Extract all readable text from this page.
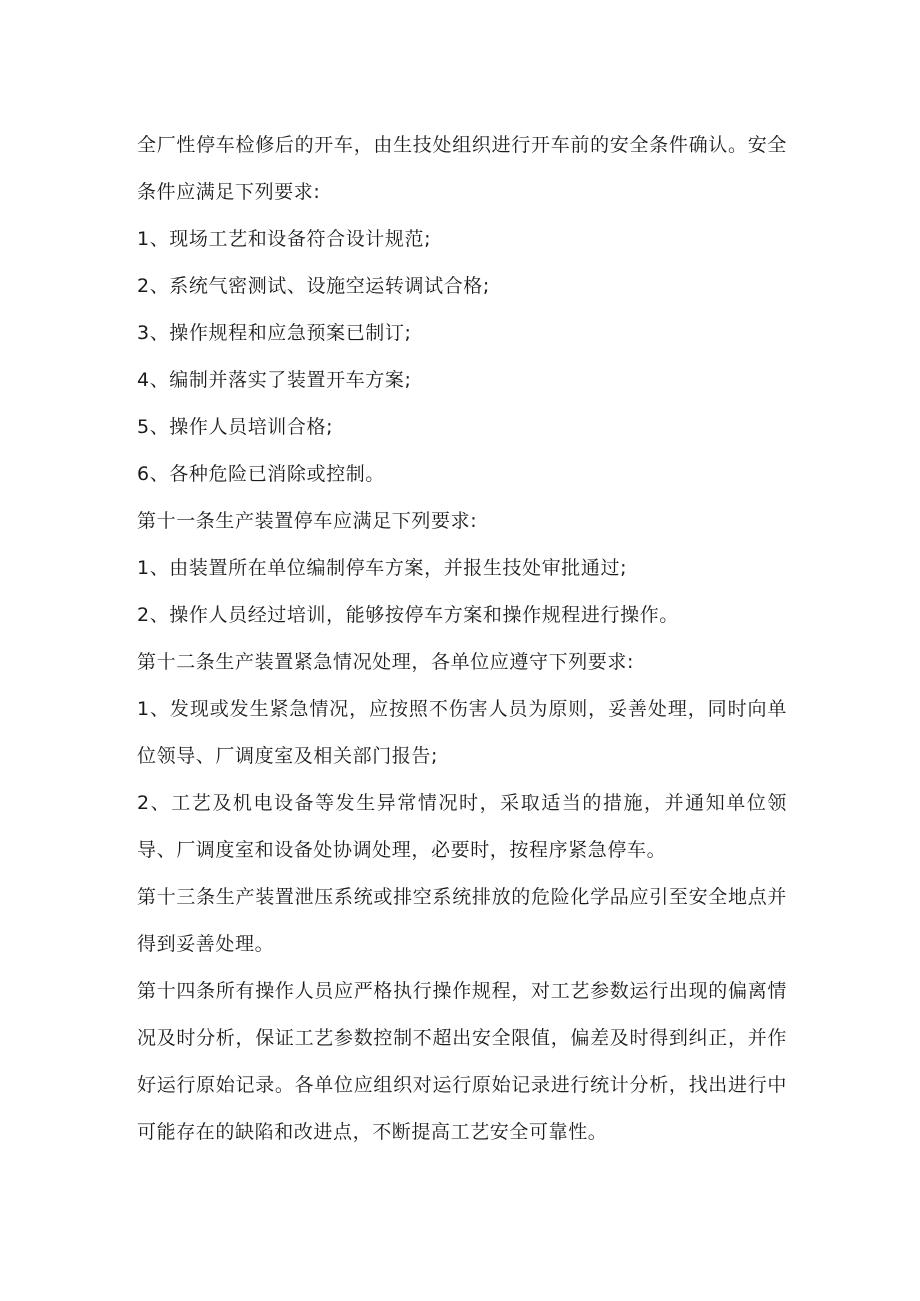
全厂性停车检修后的开车，由生技处组织进行开车前的安全条件确认。安全条件应满足下列要求:

1、现场工艺和设备符合设计规范;

2、系统气密测试、设施空运转调试合格;

3、操作规程和应急预案已制订;

4、编制并落实了装置开车方案;

5、操作人员培训合格;

6、各种危险已消除或控制。

第十一条生产装置停车应满足下列要求:

1、由装置所在单位编制停车方案，并报生技处审批通过;

2、操作人员经过培训，能够按停车方案和操作规程进行操作。

第十二条生产装置紧急情况处理，各单位应遵守下列要求:

1、发现或发生紧急情况，应按照不伤害人员为原则，妥善处理，同时向单位领导、厂调度室及相关部门报告;

2、工艺及机电设备等发生异常情况时，采取适当的措施，并通知单位领导、厂调度室和设备处协调处理，必要时，按程序紧急停车。

第十三条生产装置泄压系统或排空系统排放的危险化学品应引至安全地点并得到妥善处理。

第十四条所有操作人员应严格执行操作规程，对工艺参数运行出现的偏离情况及时分析，保证工艺参数控制不超出安全限值，偏差及时得到纠正，并作好运行原始记录。各单位应组织对运行原始记录进行统计分析，找出进行中可能存在的缺陷和改进点，不断提高工艺安全可靠性。
